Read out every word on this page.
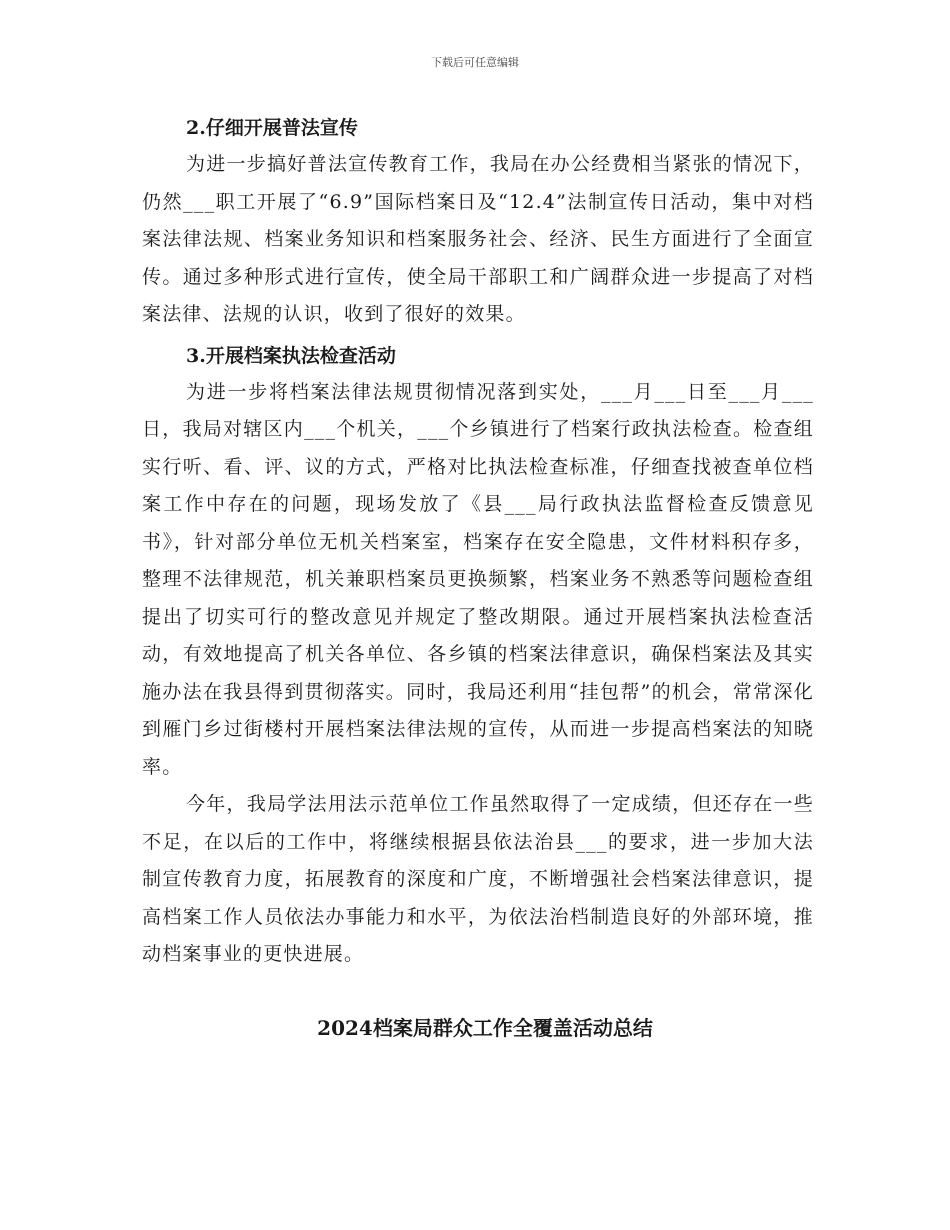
下载后可任意编辑

2.仔细开展普法宣传

为进一步搞好普法宣传教育工作，我局在办公经费相当紧张的情况下，仍然___职工开展了“6.9”国际档案日及“12.4”法制宣传日活动，集中对档案法律法规、档案业务知识和档案服务社会、经济、民生方面进行了全面宣传。通过多种形式进行宣传，使全局干部职工和广阔群众进一步提高了对档案法律、法规的认识，收到了很好的效果。

3.开展档案执法检查活动

为进一步将档案法律法规贯彻情况落到实处，___月___日至___月___日，我局对辖区内___个机关，___个乡镇进行了档案行政执法检查。检查组实行听、看、评、议的方式，严格对比执法检查标准，仔细查找被查单位档案工作中存在的问题，现场发放了《县___局行政执法监督检查反馈意见书》，针对部分单位无机关档案室，档案存在安全隐患，文件材料积存多，整理不法律规范，机关兼职档案员更换频繁，档案业务不熟悉等问题检查组提出了切实可行的整改意见并规定了整改期限。通过开展档案执法检查活动，有效地提高了机关各单位、各乡镇的档案法律意识，确保档案法及其实施办法在我县得到贯彻落实。同时，我局还利用“挂包帮”的机会，常常深化到雁门乡过街楼村开展档案法律法规的宣传，从而进一步提高档案法的知晓率。

今年，我局学法用法示范单位工作虽然取得了一定成绩，但还存在一些不足，在以后的工作中，将继续根据县依法治县___的要求，进一步加大法制宣传教育力度，拓展教育的深度和广度，不断增强社会档案法律意识，提高档案工作人员依法办事能力和水平，为依法治档制造良好的外部环境，推动档案事业的更快进展。

2024档案局群众工作全覆盖活动总结
